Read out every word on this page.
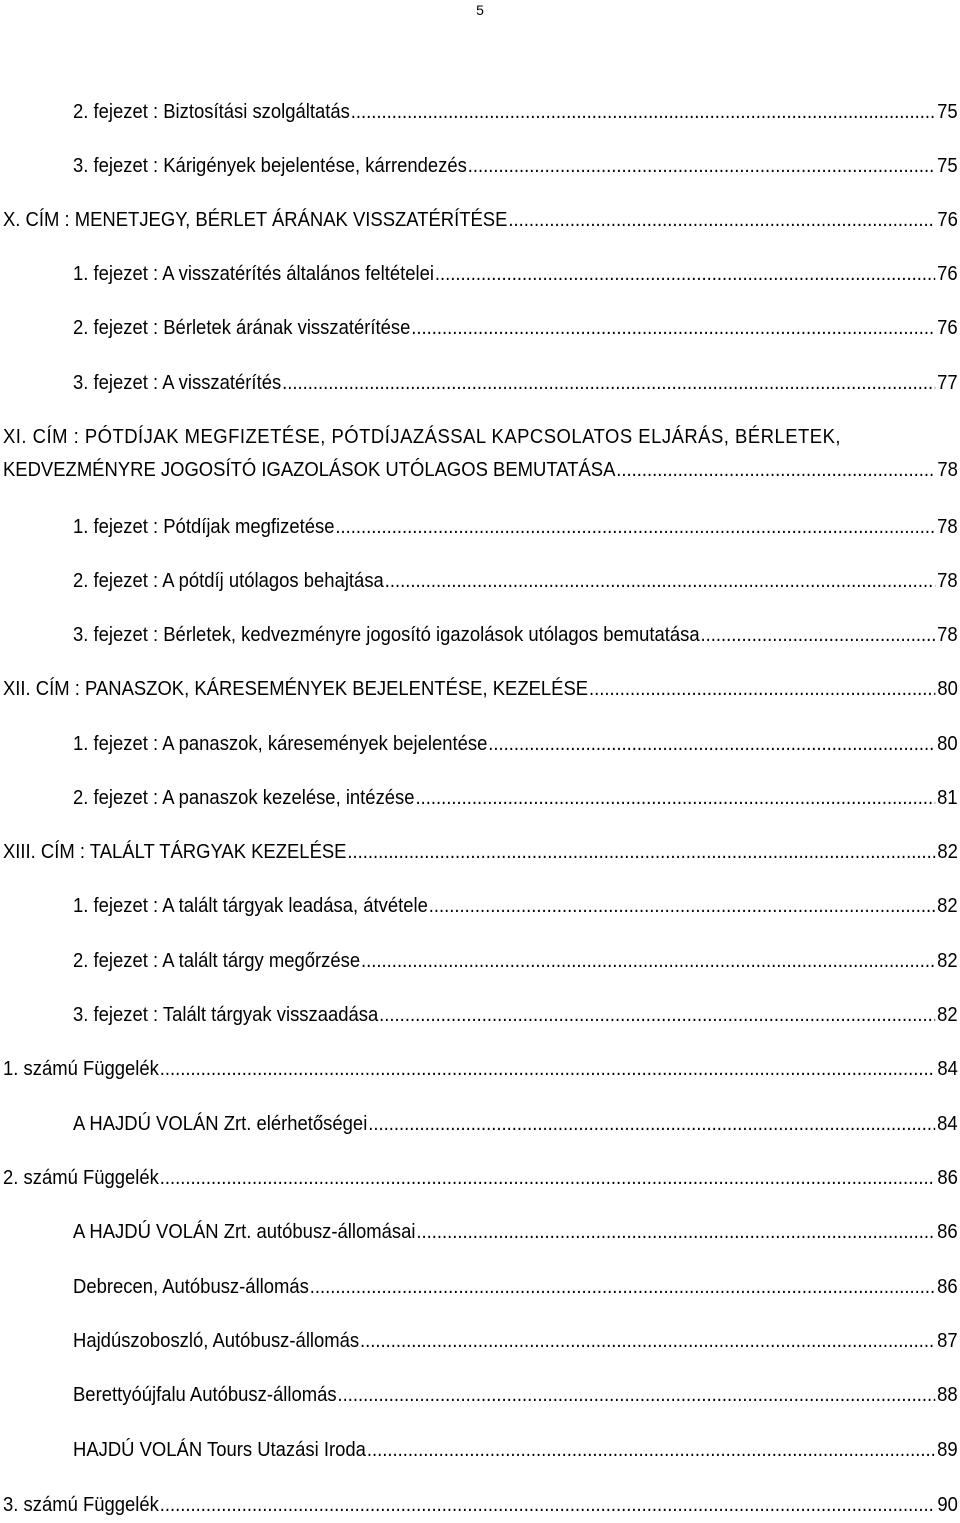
5
2. fejezet : Biztosítási szolgáltatás .....	75
3. fejezet : Kárigények bejelentése, kárrendezés .....	75
X. CÍM : MENETJEGY, BÉRLET ÁRÁNAK VISSZATÉRÍTÉSE .....	76
1. fejezet : A visszatérítés általános feltételei .....	76
2. fejezet : Bérletek árának visszatérítése .....	76
3. fejezet : A visszatérítés .....	77
XI. CÍM : PÓTDÍJAK MEGFIZETÉSE, PÓTDÍJAZÁSSAL KAPCSOLATOS ELJÁRÁS, BÉRLETEK,
KEDVEZMÉNYRE JOGOSÍTÓ IGAZOLÁSOK UTÓLAGOS BEMUTATÁSA .....	78
1. fejezet : Pótdíjak megfizetése .....	78
2. fejezet : A pótdíj utólagos behajtása .....	78
3. fejezet : Bérletek, kedvezményre jogosító igazolások utólagos bemutatása .....	78
XII. CÍM : PANASZOK, KÁRESEMÉNYEK BEJELENTÉSE, KEZELÉSE .....	80
1. fejezet : A panaszok, káresemények bejelentése .....	80
2. fejezet : A panaszok kezelése, intézése .....	81
XIII. CÍM : TALÁLT TÁRGYAK KEZELÉSE .....	82
1. fejezet : A talált tárgyak leadása, átvétele .....	82
2. fejezet : A talált tárgy megőrzése .....	82
3. fejezet : Talált tárgyak visszaadása .....	82
1. számú Függelék .....	84
A HAJDÚ VOLÁN Zrt. elérhetőségei .....	84
2. számú Függelék .....	86
A HAJDÚ VOLÁN Zrt. autóbusz-állomásai .....	86
Debrecen, Autóbusz-állomás .....	86
Hajdúszoboszló, Autóbusz-állomás .....	87
Berettyóújfalu Autóbusz-állomás .....	88
HAJDÚ VOLÁN Tours Utazási Iroda .....	89
3. számú Függelék .....	90
